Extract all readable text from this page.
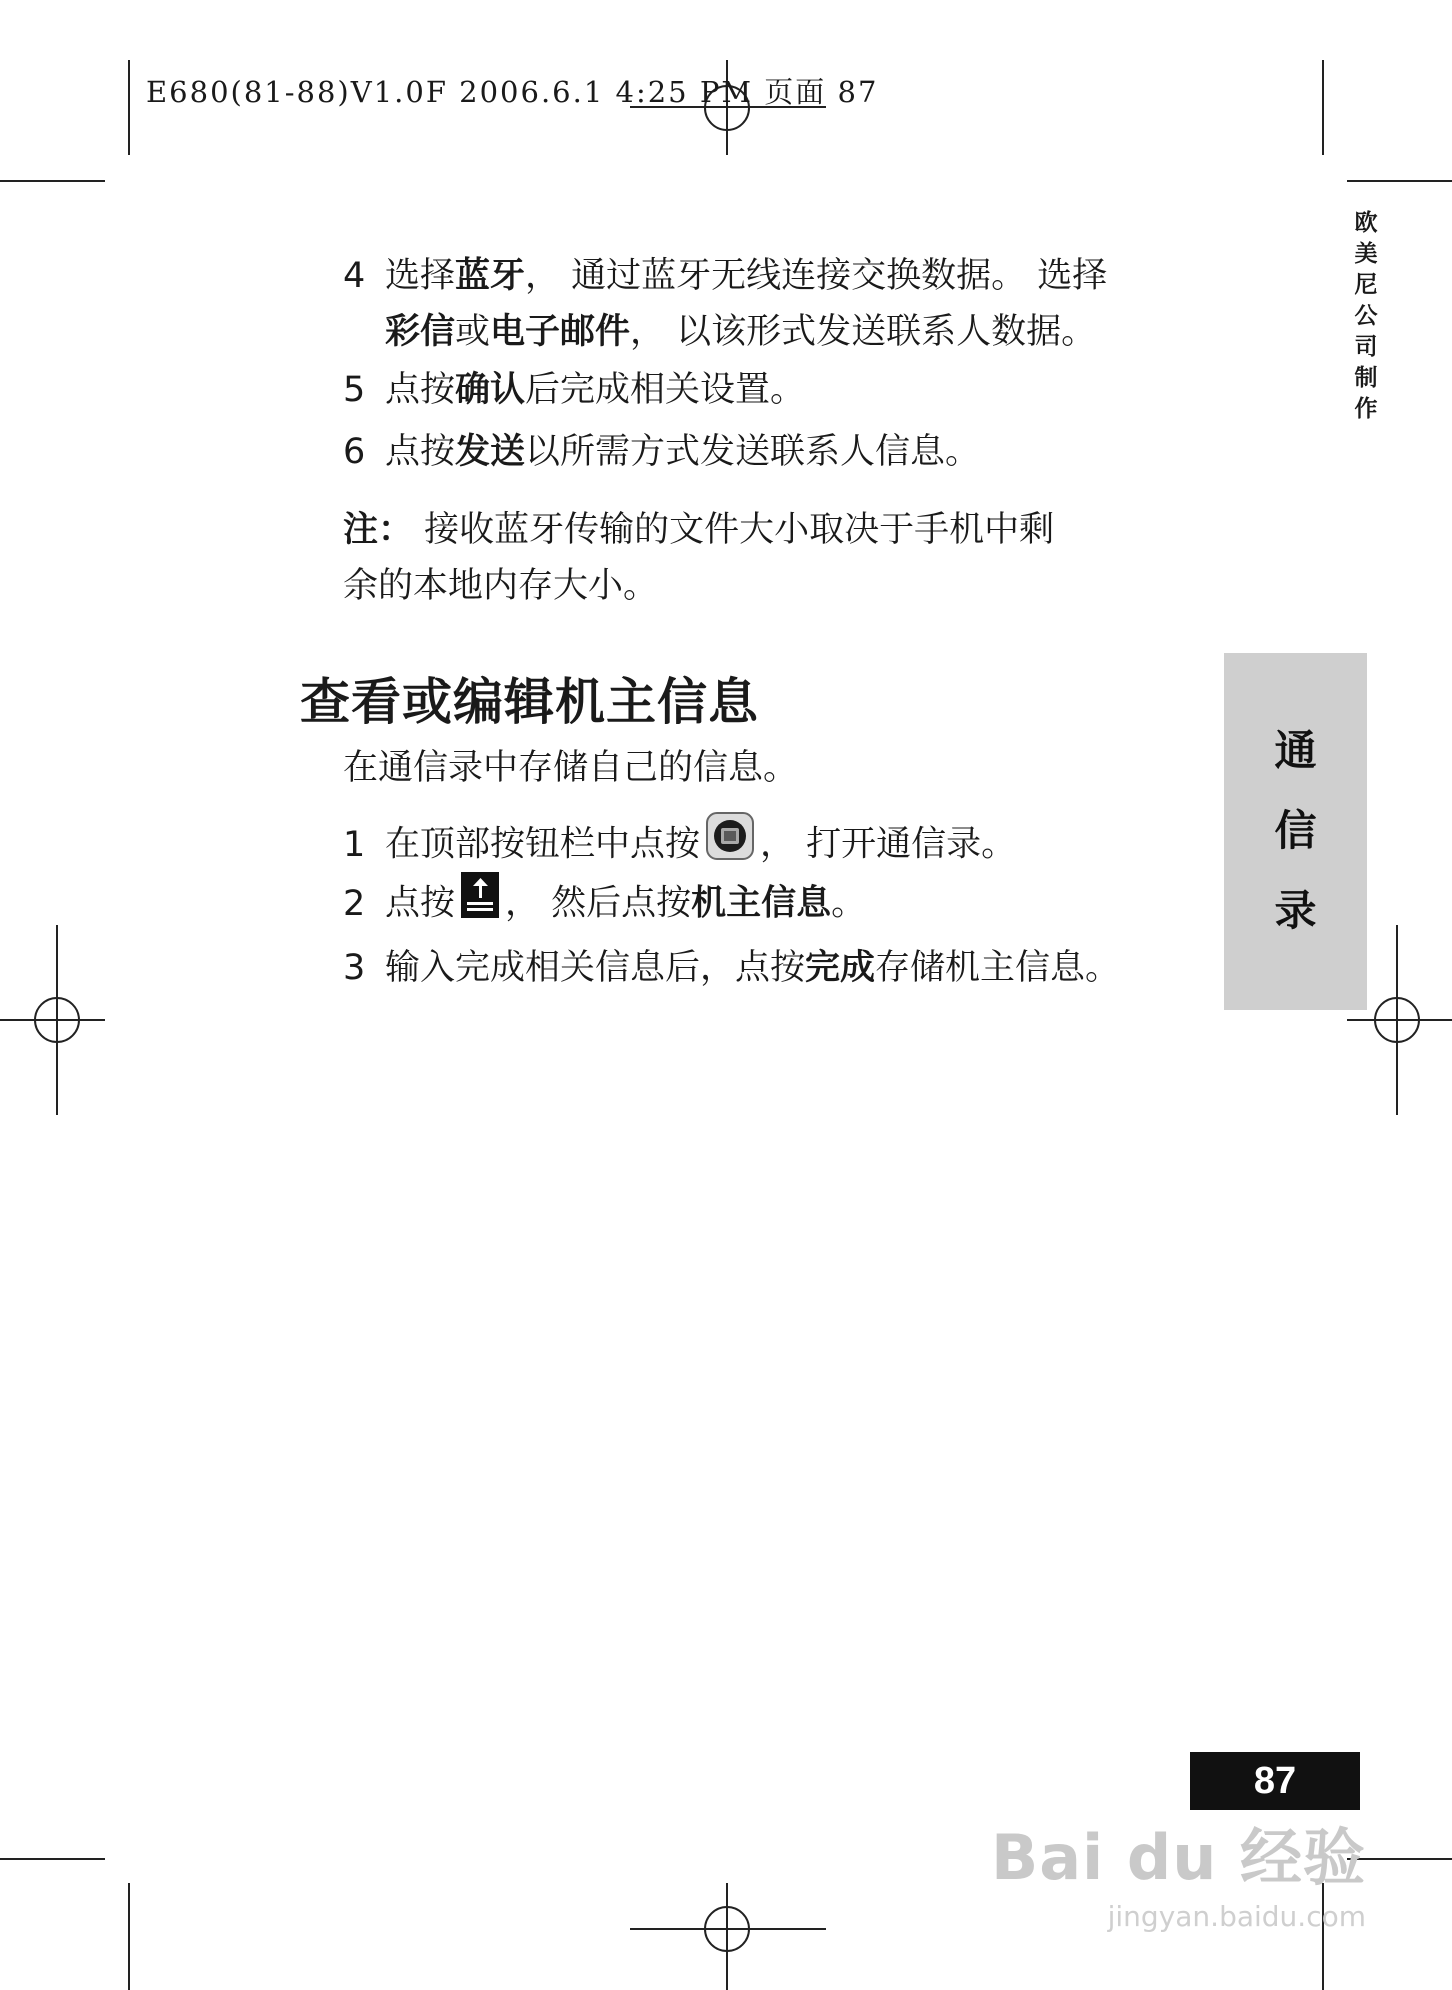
E680(81-88)V1.0F 2006.6.1 4:25 PM 页面 87
欧
美
尼
公
司
制
作
通
信
录
4 选择蓝牙， 通过蓝牙无线连接交换数据。 选择
彩信或电子邮件， 以该形式发送联系人数据。
5 点按确认后完成相关设置。
6 点按发送以所需方式发送联系人信息。
注： 接收蓝牙传输的文件大小取决于手机中剩
余的本地内存大小。
查看或编辑机主信息
在通信录中存储自己的信息。
1 在顶部按钮栏中点按 ， 打开通信录。
2 点按 ， 然后点按机主信息。
3 输入完成相关信息后，点按完成存储机主信息。
87
Bai du 经验
jingyan.baidu.com
